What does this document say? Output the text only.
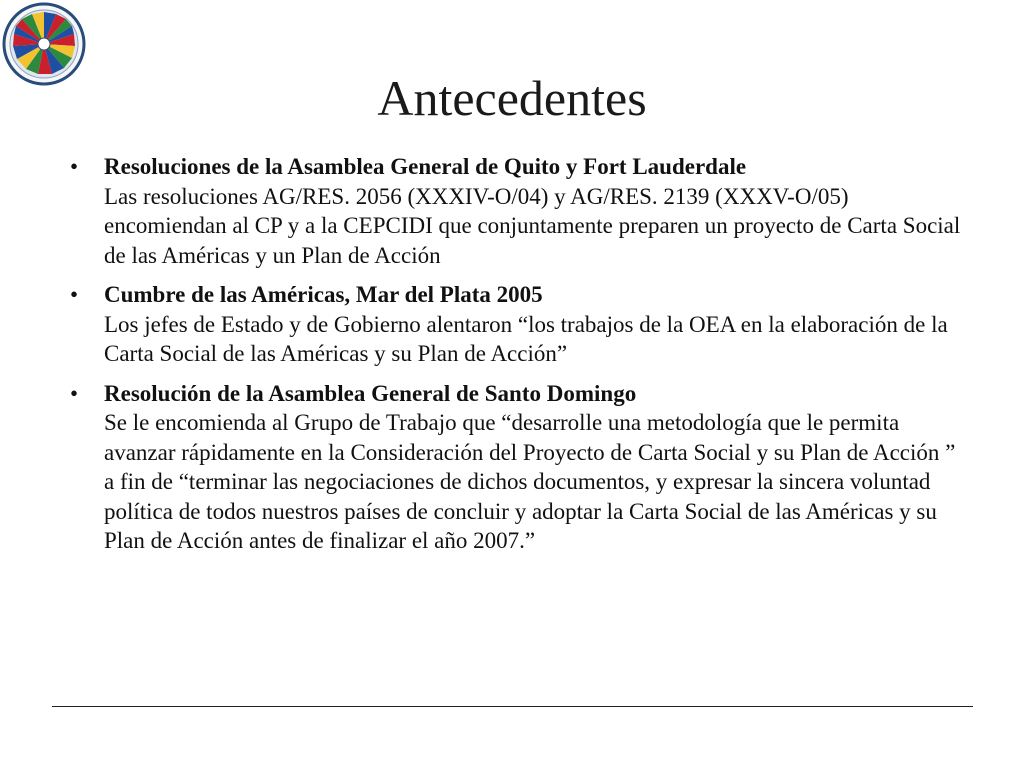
Antecedentes
• Resoluciones de la Asamblea General de Quito y Fort Lauderdale
Las resoluciones AG/RES. 2056 (XXXIV-O/04) y AG/RES. 2139 (XXXV-O/05) encomiendan al CP y a la CEPCIDI que conjuntamente preparen un proyecto de Carta Social de las Américas y un Plan de Acción
• Cumbre de las Américas, Mar del Plata 2005
Los jefes de Estado y de Gobierno alentaron “los trabajos de la OEA en la elaboración de la Carta Social de las Américas y su Plan de Acción”
• Resolución de la Asamblea General de Santo Domingo
Se le encomienda al Grupo de Trabajo que “desarrolle una metodología que le permita avanzar rápidamente en la Consideración del Proyecto de Carta Social y su Plan de Acción ” a fin de “terminar las negociaciones de dichos documentos, y expresar la sincera voluntad política de todos nuestros países de concluir y adoptar la Carta Social de las Américas y su Plan de Acción antes de finalizar el año 2007.”
